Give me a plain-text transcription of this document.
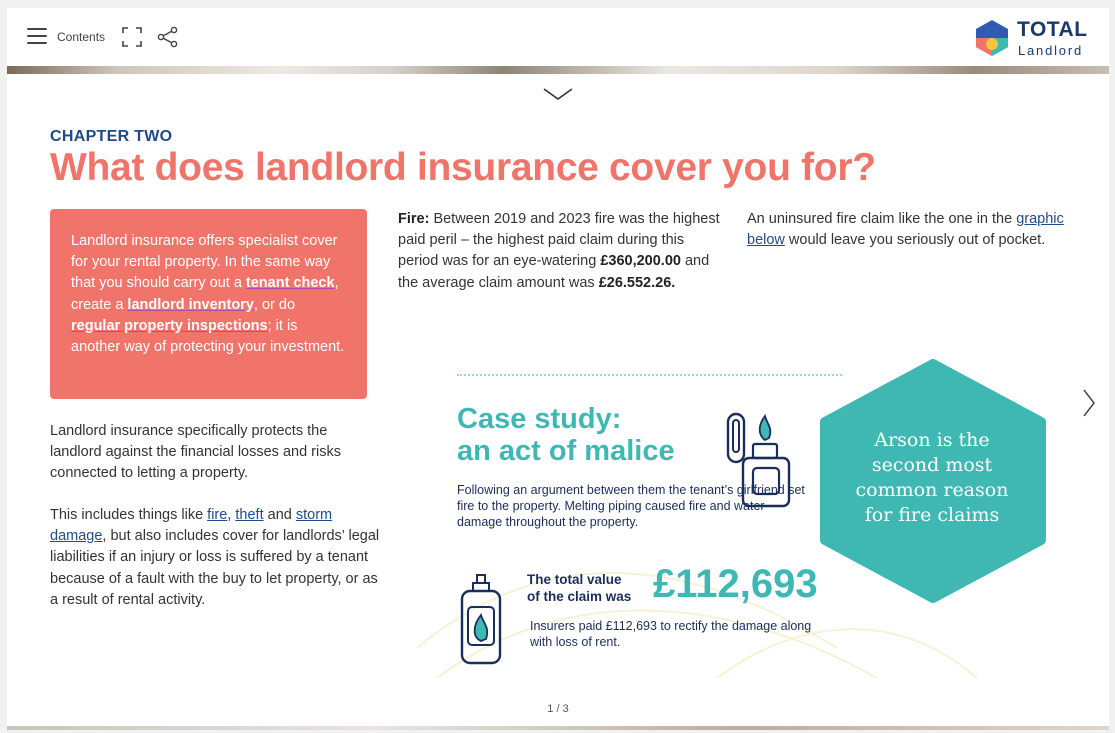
Contents	TOTAL
Landlord
CHAPTER TWO
What does landlord insurance cover you for?
Landlord insurance offers specialist cover for your rental property. In the same way that you should carry out a tenant check, create a landlord inventory, or do regular property inspections; it is another way of protecting your investment.
Landlord insurance specifically protects the landlord against the financial losses and risks connected to letting a property.
This includes things like fire, theft and storm damage, but also includes cover for landlords’ legal liabilities if an injury or loss is suffered by a tenant because of a fault with the buy to let property, or as a result of rental activity.
Fire: Between 2019 and 2023 fire was the highest paid peril – the highest paid claim during this period was for an eye-watering £360,200.00 and the average claim amount was £26.552.26.
An uninsured fire claim like the one in the graphic below would leave you seriously out of pocket.
Case study:
an act of malice
Following an argument between them the tenant’s girlfriend set fire to the property. Melting piping caused fire and water damage throughout the property.
The total value
of the claim was £112,693
Insurers paid £112,693 to rectify the damage along with loss of rent.
Arson is the
second most
common reason
for fire claims
1 / 3
